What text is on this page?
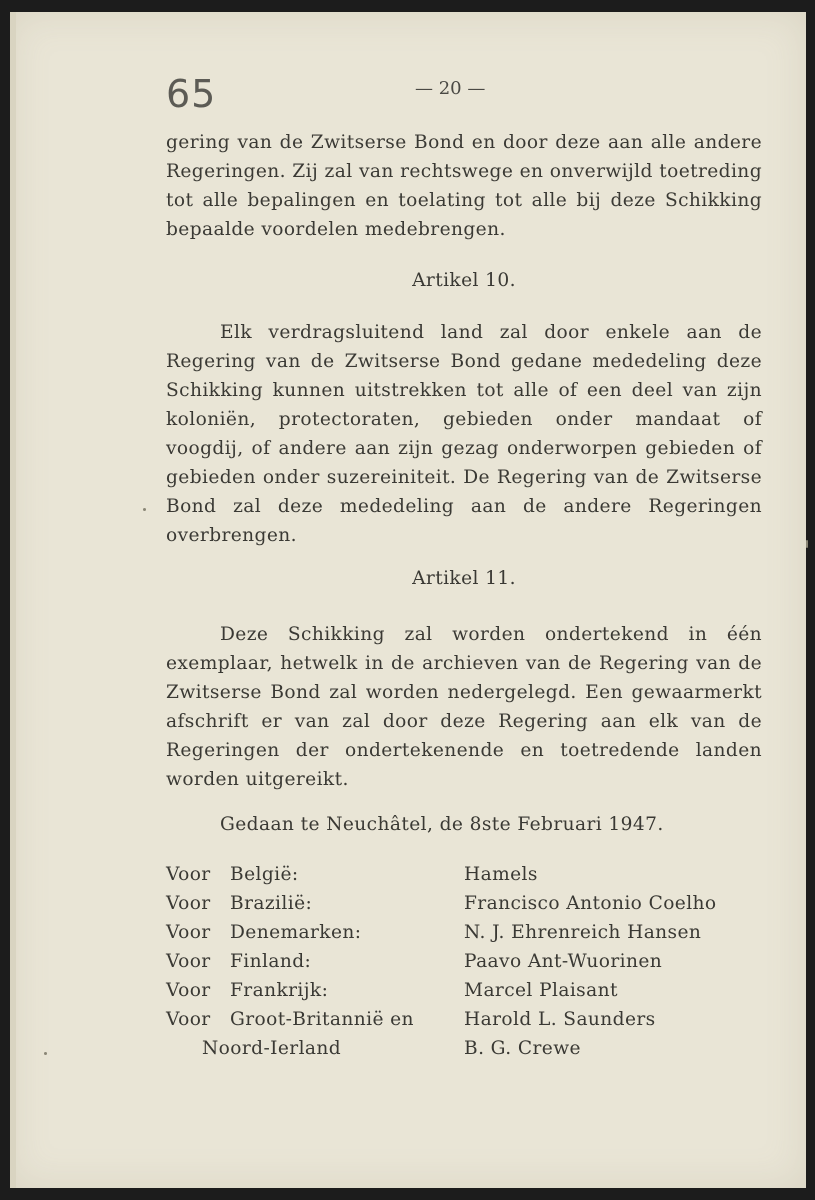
65	— 20 —

gering van de Zwitserse Bond en door deze aan alle andere Regeringen. Zij zal van rechtswege en onverwijld toetreding tot alle bepalingen en toelating tot alle bij deze Schikking bepaalde voordelen medebrengen.

Artikel 10.

Elk verdragsluitend land zal door enkele aan de Regering van de Zwitserse Bond gedane mededeling deze Schikking kunnen uitstrekken tot alle of een deel van zijn koloniën, protectoraten, gebieden onder mandaat of voogdij, of andere aan zijn gezag onderworpen gebieden of gebieden onder suzereiniteit. De Regering van de Zwitserse Bond zal deze mededeling aan de andere Regeringen overbrengen.

Artikel 11.

Deze Schikking zal worden ondertekend in één exemplaar, hetwelk in de archieven van de Regering van de Zwitserse Bond zal worden nedergelegd. Een gewaarmerkt afschrift er van zal door deze Regering aan elk van de Regeringen der ondertekenende en toetredende landen worden uitgereikt.

Gedaan te Neuchâtel, de 8ste Februari 1947.
Voor België:
Voor Brazilië:
Voor Denemarken:
Voor Finland:
Voor Frankrijk:
Voor Groot-Britannië en
Noord-Ierland
Hamels
Francisco Antonio Coelho
N. J. Ehrenreich Hansen
Paavo Ant-Wuorinen
Marcel Plaisant
Harold L. Saunders
B. G. Crewe
